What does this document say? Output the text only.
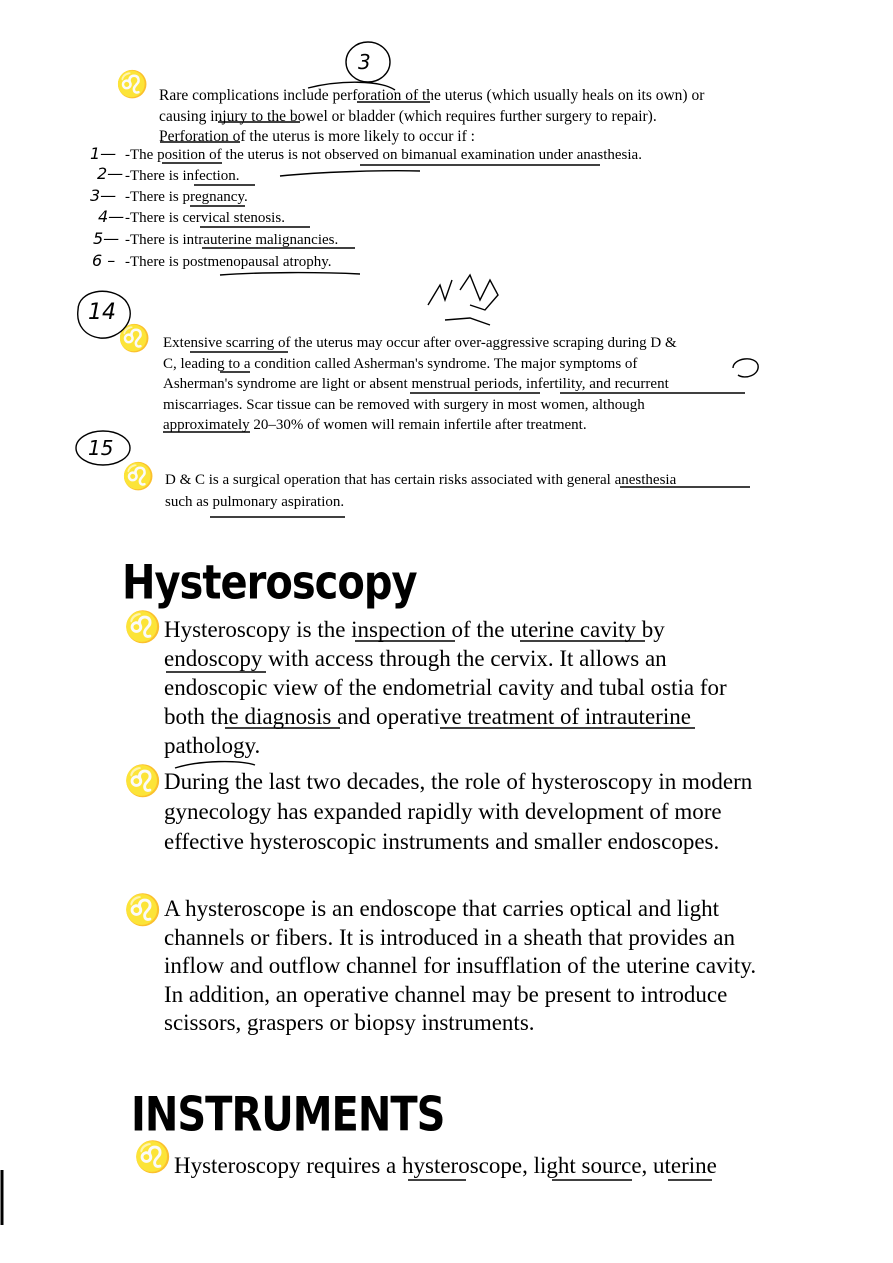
3
♌ Rare complications include perforation of the uterus (which usually heals on its own) or
causing injury to the bowel or bladder (which requires further surgery to repair).
Perforation of the uterus is more likely to occur if :
1— -The position of the uterus is not observed on bimanual examination under anasthesia.
2— -There is infection.
3— -There is pregnancy.
4— -There is cervical stenosis.
5— -There is intrauterine malignancies.
6 – -There is postmenopausal atrophy.
14
♌ Extensive scarring of the uterus may occur after over-aggressive scraping during D &
C, leading to a condition called Asherman's syndrome. The major symptoms of
Asherman's syndrome are light or absent menstrual periods, infertility, and recurrent
miscarriages. Scar tissue can be removed with surgery in most women, although
approximately 20–30% of women will remain infertile after treatment.
15
♌ D & C is a surgical operation that has certain risks associated with general anesthesia
such as pulmonary aspiration.
Hysteroscopy
♌ Hysteroscopy is the inspection of the uterine cavity by
endoscopy with access through the cervix. It allows an
endoscopic view of the endometrial cavity and tubal ostia for
both the diagnosis and operative treatment of intrauterine
pathology.
♌ During the last two decades, the role of hysteroscopy in modern
gynecology has expanded rapidly with development of more
effective hysteroscopic instruments and smaller endoscopes.
♌ A hysteroscope is an endoscope that carries optical and light
channels or fibers. It is introduced in a sheath that provides an
inflow and outflow channel for insufflation of the uterine cavity.
In addition, an operative channel may be present to introduce
scissors, graspers or biopsy instruments.
INSTRUMENTS
♌ Hysteroscopy requires a hysteroscope, light source, uterine
